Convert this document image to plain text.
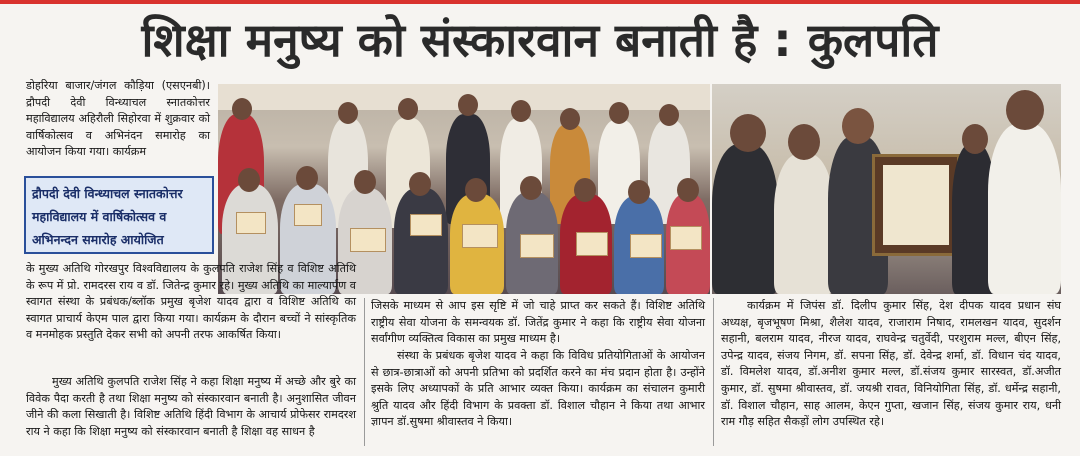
शिक्षा मनुष्य को संस्कारवान बनाती है : कुलपति

डोहरिया बाजार/जंगल कौड़िया (एसएनबी)। द्रौपदी देवी विन्ध्याचल स्नातकोत्तर महाविद्यालय अहिरौली सिहोरवा में शुक्रवार को वार्षिकोत्सव व अभिनंदन समारोह का आयोजन किया गया। कार्यक्रम

द्रौपदी देवी विन्ध्याचल स्नातकोत्तर महाविद्यालय में वार्षिकोत्सव व अभिनन्दन समारोह आयोजित

के मुख्य अतिथि गोरखपुर विश्वविद्यालय के कुलपति राजेश सिंह व विशिष्ट अतिथि के रूप में प्रो. रामदरस राय व डॉ. जितेन्द्र कुमार रहे। मुख्य अतिथि का माल्यार्पण व स्वागत संस्था के प्रबंधक/ब्लॉक प्रमुख बृजेश यादव द्वारा व विशिष्ट अतिथि का स्वागत प्राचार्य केएम पाल द्वारा किया गया। कार्यक्रम के दौरान बच्चों ने सांस्कृतिक व मनमोहक प्रस्तुति देकर सभी को अपनी तरफ आकर्षित किया।

मुख्य अतिथि कुलपति राजेश सिंह ने कहा शिक्षा मनुष्य में अच्छे और बुरे का विवेक पैदा करती है तथा शिक्षा मनुष्य को संस्कारवान बनाती है। अनुशासित जीवन जीने की कला सिखाती है। विशिष्ट अतिथि हिंदी विभाग के आचार्य प्रोफेसर रामदरश राय ने कहा कि शिक्षा मनुष्य को संस्कारवान बनाती है शिक्षा वह साधन है

जिसके माध्यम से आप इस सृष्टि में जो चाहे प्राप्त कर सकते हैं। विशिष्ट अतिथि राष्ट्रीय सेवा योजना के समन्वयक डॉ. जितेंद्र कुमार ने कहा कि राष्ट्रीय सेवा योजना सर्वांगीण व्यक्तित्व विकास का प्रमुख माध्यम है।

संस्था के प्रबंधक बृजेश यादव ने कहा कि विविध प्रतियोगिताओं के आयोजन से छात्र-छात्राओं को अपनी प्रतिभा को प्रदर्शित करने का मंच प्रदान होता है। उन्होंने इसके लिए अध्यापकों के प्रति आभार व्यक्त किया। कार्यक्रम का संचालन कुमारी श्रुति यादव और हिंदी विभाग के प्रवक्ता डॉ. विशाल चौहान ने किया तथा आभार ज्ञापन डॉ.सुषमा श्रीवास्तव ने किया।

कार्यक्रम में जिपंस डॉ. दिलीप कुमार सिंह, देश दीपक यादव प्रधान संघ अध्यक्ष, बृजभूषण मिश्रा, शैलेश यादव, राजाराम निषाद, रामलखन यादव, सुदर्शन सहानी, बलराम यादव, नीरज यादव, राघवेन्द्र चतुर्वेदी, परशुराम मल्ल, बीएन सिंह, उपेन्द्र यादव, संजय निगम, डॉ. सपना सिंह, डॉ. देवेन्द्र शर्मा, डॉ. विधान चंद यादव, डॉ. विमलेश यादव, डॉ.अनीश कुमार मल्ल, डॉ.संजय कुमार सारस्वत, डॉ.अजीत कुमार, डॉ. सुषमा श्रीवास्तव, डॉ. जयश्री रावत, विनियोगिता सिंह, डॉ. धर्मेन्द्र सहानी, डॉ. विशाल चौहान, साह आलम, केएन गुप्ता, खजान सिंह, संजय कुमार राय, धनी राम गौड़ सहित सैकड़ों लोग उपस्थित रहे।
